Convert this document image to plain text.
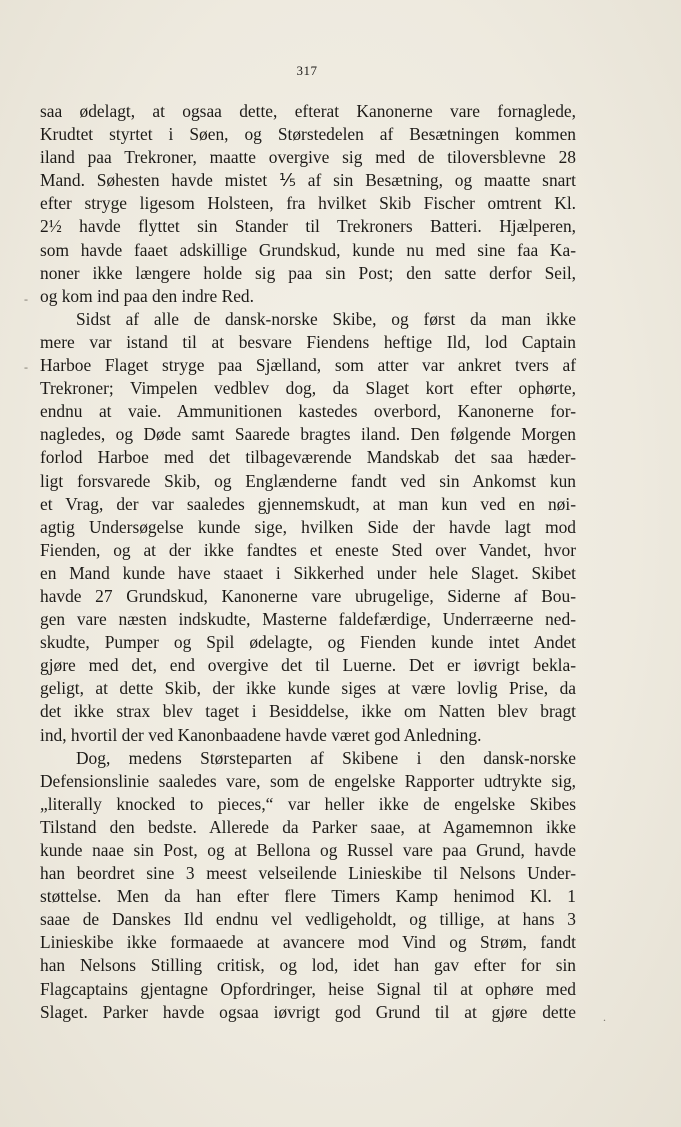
317
saa ødelagt, at ogsaa dette, efterat Kanonerne vare fornaglede,
Krudtet styrtet i Søen, og Størstedelen af Besætningen kommen
iland paa Trekroner, maatte overgive sig med de tiloversblevne 28
Mand. Søhesten havde mistet ⅕ af sin Besætning, og maatte snart
efter stryge ligesom Holsteen, fra hvilket Skib Fischer omtrent Kl.
2½ havde flyttet sin Stander til Trekroners Batteri. Hjælperen,
som havde faaet adskillige Grundskud, kunde nu med sine faa Ka-
noner ikke længere holde sig paa sin Post; den satte derfor Seil,
og kom ind paa den indre Red.
Sidst af alle de dansk-norske Skibe, og først da man ikke
mere var istand til at besvare Fiendens heftige Ild, lod Captain
Harboe Flaget stryge paa Sjælland, som atter var ankret tvers af
Trekroner; Vimpelen vedblev dog, da Slaget kort efter ophørte,
endnu at vaie. Ammunitionen kastedes overbord, Kanonerne for-
nagledes, og Døde samt Saarede bragtes iland. Den følgende Morgen
forlod Harboe med det tilbageværende Mandskab det saa hæder-
ligt forsvarede Skib, og Englænderne fandt ved sin Ankomst kun
et Vrag, der var saaledes gjennemskudt, at man kun ved en nøi-
agtig Undersøgelse kunde sige, hvilken Side der havde lagt mod
Fienden, og at der ikke fandtes et eneste Sted over Vandet, hvor
en Mand kunde have staaet i Sikkerhed under hele Slaget. Skibet
havde 27 Grundskud, Kanonerne vare ubrugelige, Siderne af Bou-
gen vare næsten indskudte, Masterne faldefærdige, Underræerne ned-
skudte, Pumper og Spil ødelagte, og Fienden kunde intet Andet
gjøre med det, end overgive det til Luerne. Det er iøvrigt bekla-
geligt, at dette Skib, der ikke kunde siges at være lovlig Prise, da
det ikke strax blev taget i Besiddelse, ikke om Natten blev bragt
ind, hvortil der ved Kanonbaadene havde været god Anledning.
Dog, medens Størsteparten af Skibene i den dansk-norske
Defensionslinie saaledes vare, som de engelske Rapporter udtrykte sig,
„literally knocked to pieces,“ var heller ikke de engelske Skibes
Tilstand den bedste. Allerede da Parker saae, at Agamemnon ikke
kunde naae sin Post, og at Bellona og Russel vare paa Grund, havde
han beordret sine 3 meest velseilende Linieskibe til Nelsons Under-
støttelse. Men da han efter flere Timers Kamp henimod Kl. 1
saae de Danskes Ild endnu vel vedligeholdt, og tillige, at hans 3
Linieskibe ikke formaaede at avancere mod Vind og Strøm, fandt
han Nelsons Stilling critisk, og lod, idet han gav efter for sin
Flagcaptains gjentagne Opfordringer, heise Signal til at ophøre med
Slaget. Parker havde ogsaa iøvrigt god Grund til at gjøre dette
-
-
.
